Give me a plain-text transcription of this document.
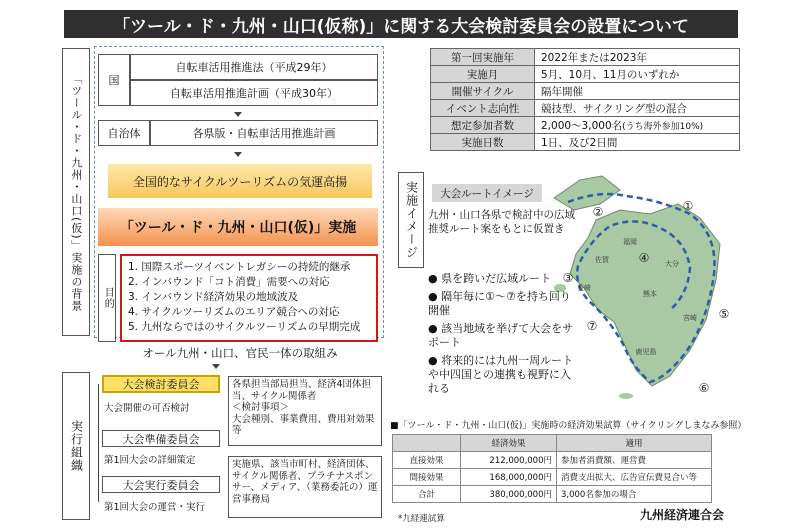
「ツール・ド・九州・山口(仮称)」に関する大会検討委員会の設置について
「ツール・ド・九州・山口(仮)」実施の背景	国
自転車活用推進法（平成29年）
自転車活用推進計画（平成30年）
自治体	各県版・自転車活用推進計画
全国的なサイクルツーリズムの気運高揚
「ツール・ド・九州・山口(仮)」実施
目的
1. 国際スポーツイベントレガシーの持続的継承
2. インバウンド「コト消費」需要への対応
3. インバウンド経済効果の地域波及
4. サイクルツーリズムのエリア競合への対応
5. 九州ならではのサイクルツーリズムの早期完成
オール九州・山口、官民一体の取組み
実行組織
大会検討委員会
大会開催の可否検討
各県担当部局担当、経済4団体担当、サイクル関係者
＜検討事項＞
大会種別、事業費用、費用対効果等
大会準備委員会
第1回大会の詳細策定
大会実行委員会
第1回大会の運営・実行
実施県、該当市町村、経済団体、サイクル関係者、プラチナスポンサー、メディア、（業務委託の）運営事務局
第一回実施年	2022年または2023年
実施月	5月、10月、11月のいずれか
開催サイクル	隔年開催
イベント志向性	競技型、サイクリング型の混合
想定参加者数	2,000～3,000名(うち海外参加10%)
実施日数	1日、及び2日間
実施イメージ	大会ルートイメージ
①
②
③
④
⑤
⑥
⑦
福岡
佐賀	大分
熊本
長崎
宮崎
鹿児島
九州・山口各県で検討中の広域推奨ルート案をもとに仮置き
● 県を跨いだ広域ルート
● 隔年毎に①～⑦を持ち回り開催
● 該当地域を挙げて大会をサポート
● 将来的には九州一周ルートや中四国との連携も視野に入れる
■「ツール・ド・九州・山口(仮)」実施時の経済効果試算（サイクリングしまなみ参照）
	経済効果	適用
直接効果	212,000,000円	参加者消費額、運営費
間接効果	168,000,000円	消費支出拡大、広告宣伝費見合い等
合計	380,000,000円	3,000名参加の場合
*九経連試算	九州経済連合会
